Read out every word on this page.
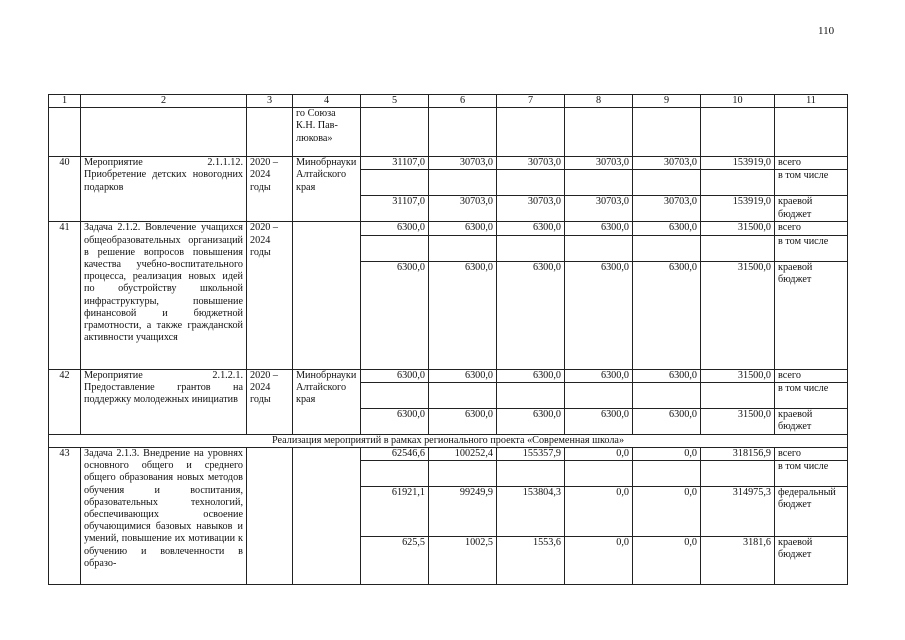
110
1	2	3	4	5	6	7	8	9	10	11
			го Союза К.Н. Пав-люкова»							
40	Мероприятие 2.1.1.12. Приобретение детских новогодних подарков	2020 – 2024 годы	Минобрнауки Алтайского края	31107,0	30703,0	30703,0	30703,0	30703,0	153919,0	всего
										в том числе
				31107,0	30703,0	30703,0	30703,0	30703,0	153919,0	краевой бюджет
41	Задача 2.1.2. Вовлечение учащихся общеобразовательных организаций в решение вопросов повышения качества учебно-воспитательного процесса, реализация новых идей по обустройству школьной инфраструктуры, повышение финансовой и бюджетной грамотности, а также гражданской активности учащихся	2020 – 2024 годы		6300,0	6300,0	6300,0	6300,0	6300,0	31500,0	всего
										в том числе
				6300,0	6300,0	6300,0	6300,0	6300,0	31500,0	краевой бюджет
42	Мероприятие 2.1.2.1. Предоставление грантов на поддержку молодежных инициатив	2020 – 2024 годы	Минобрнауки Алтайского края	6300,0	6300,0	6300,0	6300,0	6300,0	31500,0	всего
										в том числе
				6300,0	6300,0	6300,0	6300,0	6300,0	31500,0	краевой бюджет
Реализация мероприятий в рамках регионального проекта «Современная школа»										
43	Задача 2.1.3. Внедрение на уровнях основного общего и среднего общего образования новых методов обучения и воспитания, образовательных технологий, обеспечивающих освоение обучающимися базовых навыков и умений, повышение их мотивации к обучению и вовлеченности в образо-			62546,6	100252,4	155357,9	0,0	0,0	318156,9	всего
										в том числе
				61921,1	99249,9	153804,3	0,0	0,0	314975,3	федеральный бюджет
				625,5	1002,5	1553,6	0,0	0,0	3181,6	краевой бюджет
